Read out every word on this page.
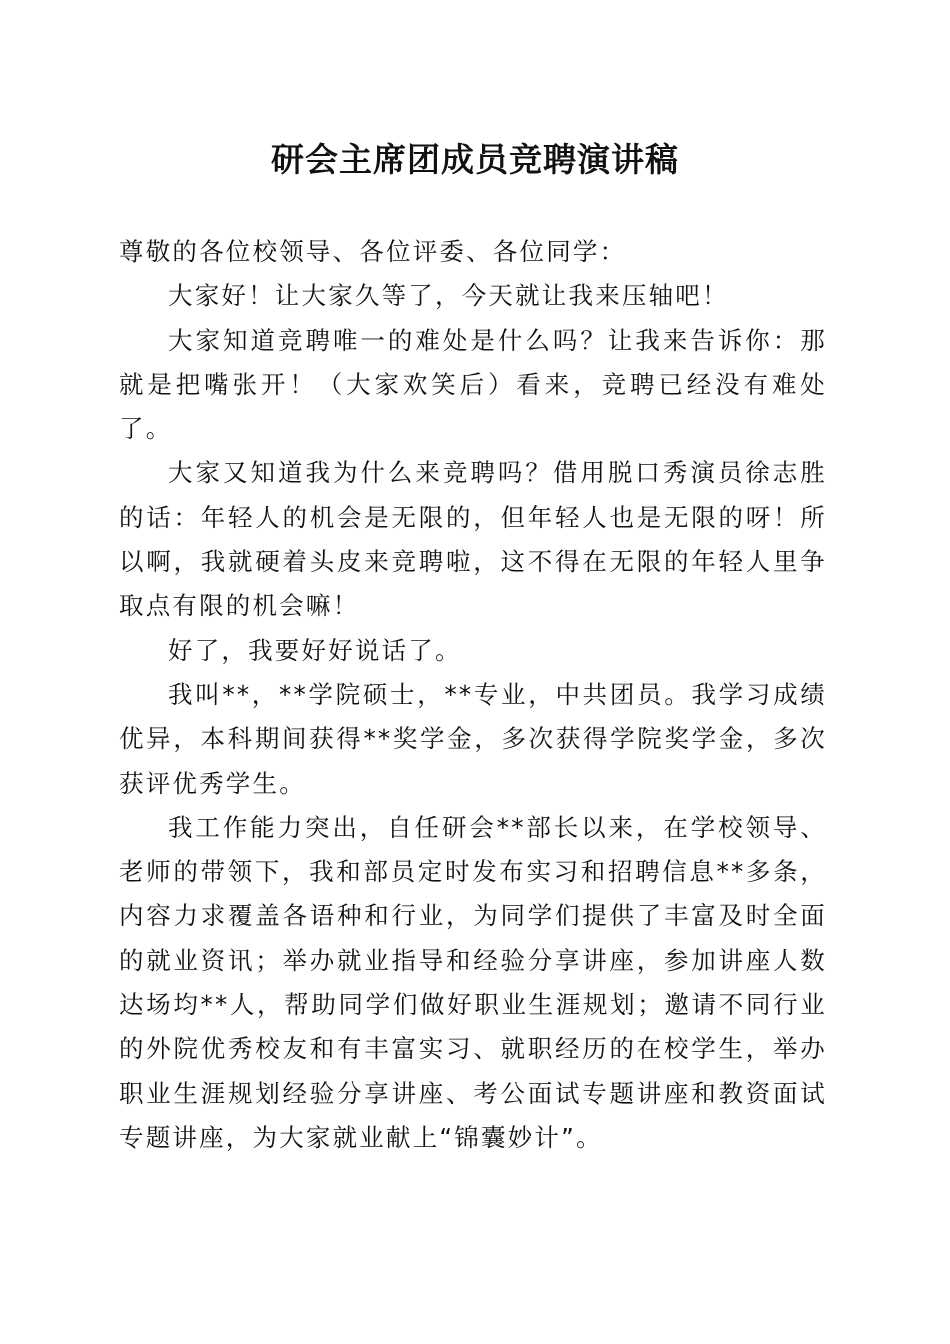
研会主席团成员竞聘演讲稿

尊敬的各位校领导、各位评委、各位同学：

大家好！让大家久等了，今天就让我来压轴吧！

大家知道竞聘唯一的难处是什么吗？让我来告诉你：那就是把嘴张开！（大家欢笑后）看来，竞聘已经没有难处了。

大家又知道我为什么来竞聘吗？借用脱口秀演员徐志胜的话：年轻人的机会是无限的，但年轻人也是无限的呀！所以啊，我就硬着头皮来竞聘啦，这不得在无限的年轻人里争取点有限的机会嘛！

好了，我要好好说话了。

我叫**，**学院硕士，**专业，中共团员。我学习成绩优异，本科期间获得**奖学金，多次获得学院奖学金，多次获评优秀学生。

我工作能力突出，自任研会**部长以来，在学校领导、老师的带领下，我和部员定时发布实习和招聘信息**多条，内容力求覆盖各语种和行业，为同学们提供了丰富及时全面的就业资讯；举办就业指导和经验分享讲座，参加讲座人数达场均**人，帮助同学们做好职业生涯规划；邀请不同行业的外院优秀校友和有丰富实习、就职经历的在校学生，举办职业生涯规划经验分享讲座、考公面试专题讲座和教资面试专题讲座，为大家就业献上“锦囊妙计”。
